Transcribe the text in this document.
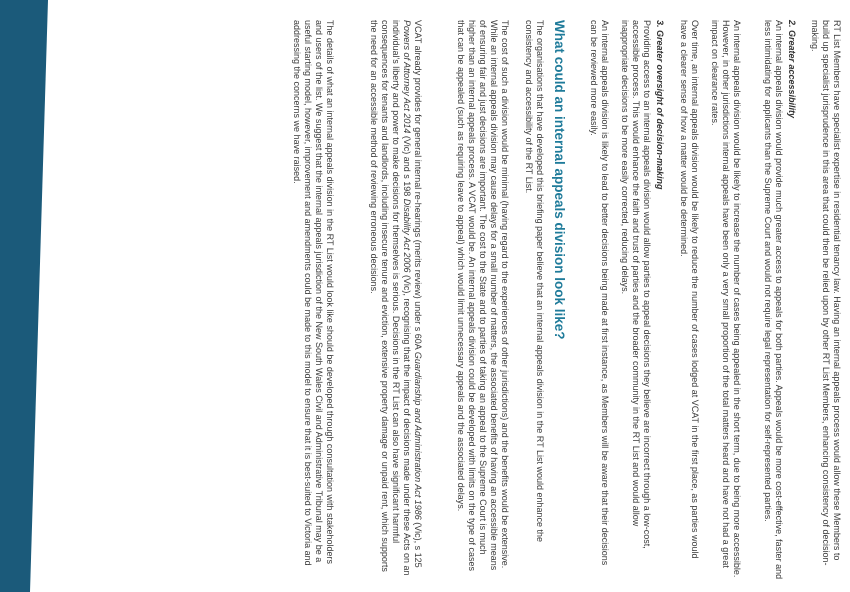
RT List Members have specialist expertise in residential tenancy law. Having an internal appeals process would allow these Members to build up specialist jurisprudence in this area that could then be relied upon by other RT List Members, enhancing consistency of decision-making.

2. Greater accessibility

An internal appeals division would provide much greater access to appeals for both parties. Appeals would be more cost-effective, faster and less intimidating for applicants than the Supreme Court and would not require legal representation for self-represented parties.

An internal appeals division would be likely to increase the number of cases being appealed in the short term, due to being more accessible. However, in other jurisdictions internal appeals have been only a very small proportion of the total matters heard and have not had a great impact on clearance rates.

Over time, an internal appeals division would be likely to reduce the number of cases lodged at VCAT in the first place, as parties would have a clearer sense of how a matter would be determined.

3. Greater oversight of decision-making

Providing access to an internal appeals division would allow parties to appeal decisions they believe are incorrect through a low-cost, accessible process. This would enhance the faith and trust of parties and the broader community in the RT List and would allow inappropriate decisions to be more easily corrected, reducing delays.

An internal appeals division is likely to lead to better decisions being made at first instance, as Members will be aware that their decisions can be reviewed more easily.

What could an internal appeals division look like?

The organisations that have developed this briefing paper believe that an internal appeals division in the RT List would enhance the consistency and accessibility of the RT List.

The cost of such a division would be minimal (having regard to the experiences of other jurisdictions) and the benefits would be extensive. While an internal appeals division may cause delays for a small number of matters, the associated benefits of having an accessible means of ensuring fair and just decisions are important. The cost to the State and to parties of taking an appeal to the Supreme Court is much higher than an internal appeals process. A VCAT would be. An internal appeals division could be developed with limits on the type of cases that can be appealed (such as requiring leave to appeal) which would limit unnecessary appeals and the associated delays.

VCAT already provides for general internal re-hearings (merits review) under s 60A Guardianship and Administration Act 1986 (Vic), s 125 Powers of Attorney Act 2014 (Vic) and s 198 Disability Act 2006 (Vic), recognising that the impact of decisions made under these Acts on an individual's liberty and power to make decisions for themselves is serious. Decisions in the RT List can also have significant harmful consequences for tenants and landlords, including insecure tenure and eviction, extensive property damage or unpaid rent, which supports the need for an accessible method of reviewing erroneous decisions.

The details of what an internal appeals division in the RT List would look like should be developed through consultation with stakeholders and users of the list. We suggest that the internal appeals jurisdiction of the New South Wales Civil and Administrative Tribunal may be a useful starting model, however, improvement and amendments could be made to this model to ensure that it is best-suited to Victoria and addressing the concerns we have raised.
